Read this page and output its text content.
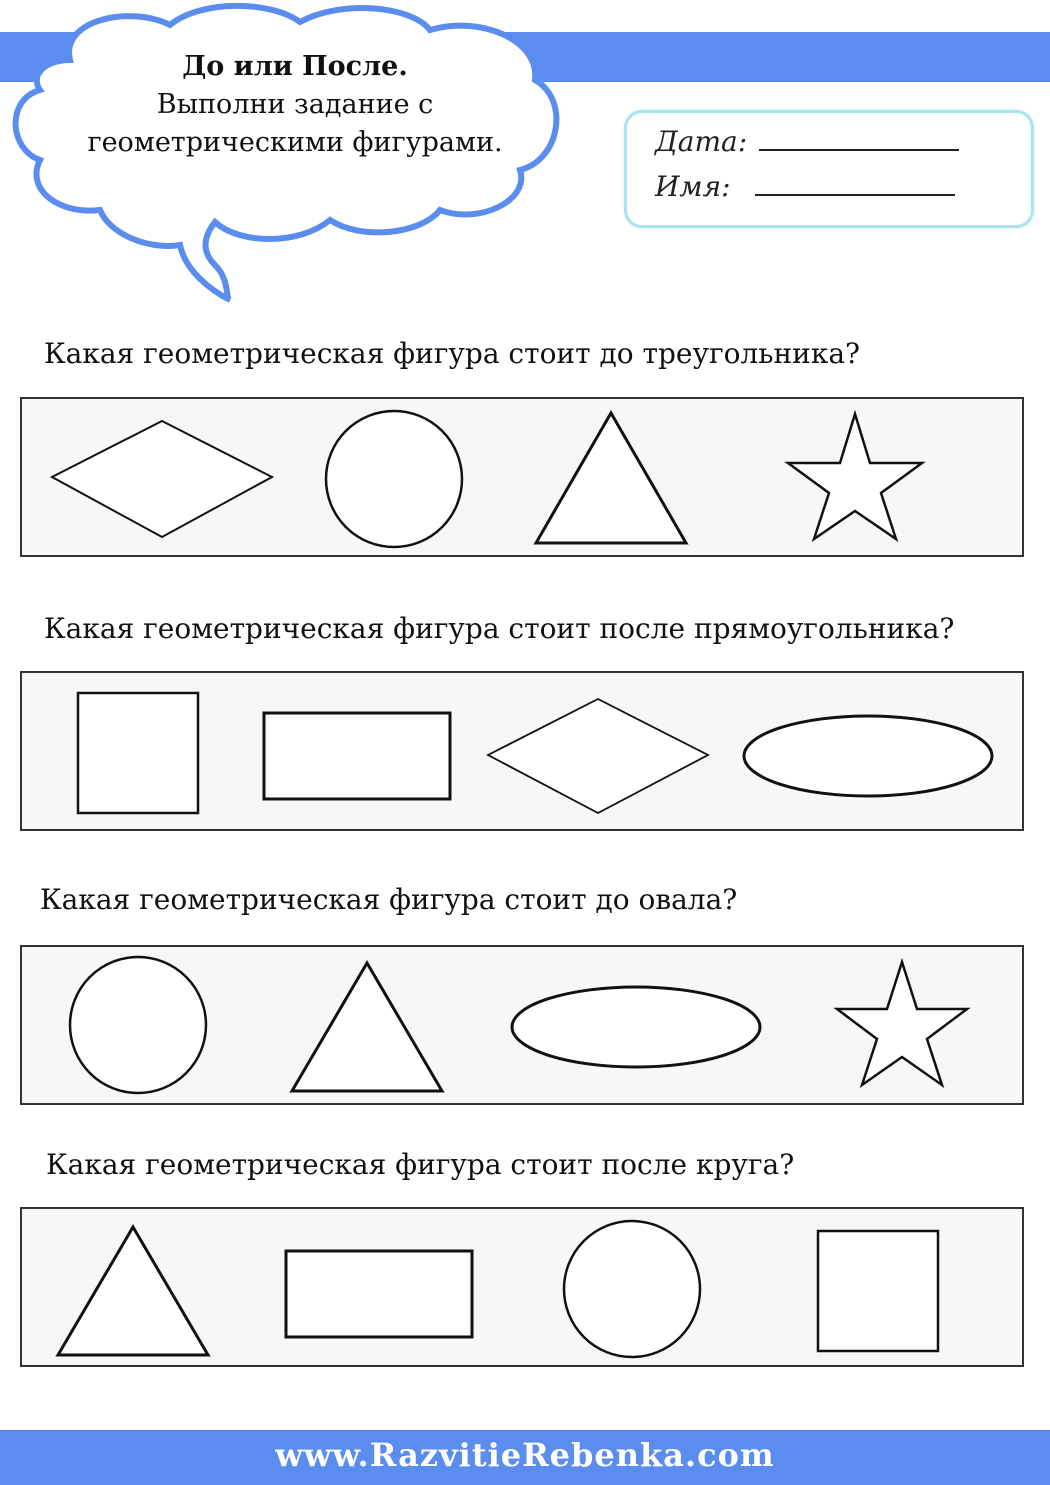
До или После.
Выполни задание с
геометрическими фигурами.	Дата:
Имя:
Какая геометрическая фигура стоит до треугольника?
Какая геометрическая фигура стоит после прямоугольника?
Какая геометрическая фигура стоит до овала?
Какая геометрическая фигура стоит после круга?
www.RazvitieRebenka.com
